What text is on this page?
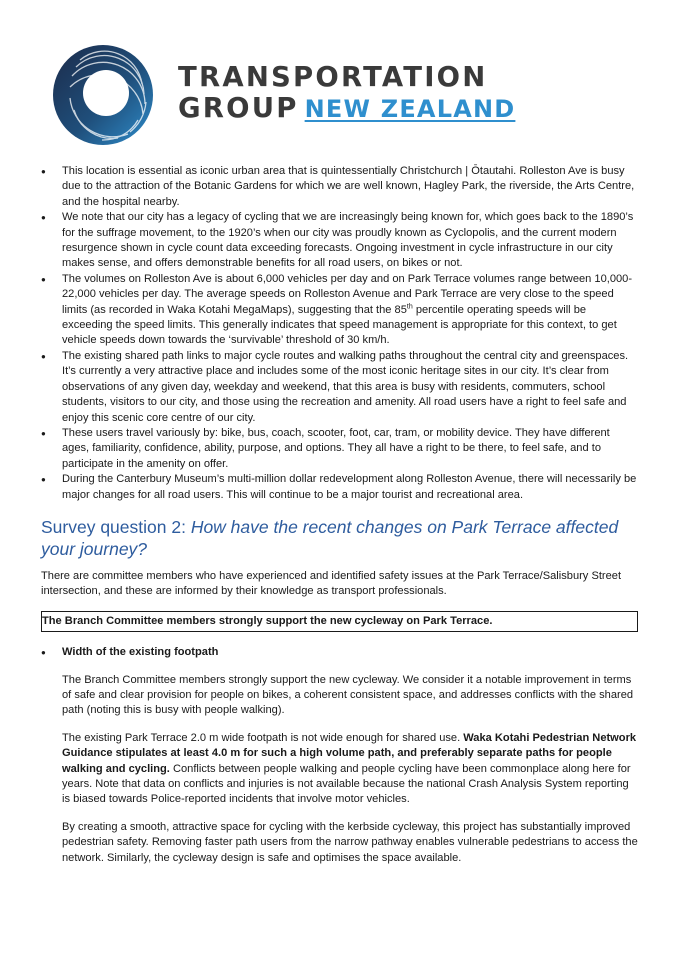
TRANSPORTATION
GROUP NEW ZEALAND
● This location is essential as iconic urban area that is quintessentially Christchurch | Ōtautahi. Rolleston Ave is busy due to the attraction of the Botanic Gardens for which we are well known, Hagley Park, the riverside, the Arts Centre, and the hospital nearby.
● We note that our city has a legacy of cycling that we are increasingly being known for, which goes back to the 1890’s for the suffrage movement, to the 1920’s when our city was proudly known as Cyclopolis, and the current modern resurgence shown in cycle count data exceeding forecasts. Ongoing investment in cycle infrastructure in our city makes sense, and offers demonstrable benefits for all road users, on bikes or not.
● The volumes on Rolleston Ave is about 6,000 vehicles per day and on Park Terrace volumes range between 10,000-22,000 vehicles per day. The average speeds on Rolleston Avenue and Park Terrace are very close to the speed limits (as recorded in Waka Kotahi MegaMaps), suggesting that the 85th percentile operating speeds will be exceeding the speed limits. This generally indicates that speed management is appropriate for this context, to get vehicle speeds down towards the ‘survivable’ threshold of 30 km/h.
● The existing shared path links to major cycle routes and walking paths throughout the central city and greenspaces. It’s currently a very attractive place and includes some of the most iconic heritage sites in our city. It’s clear from observations of any given day, weekday and weekend, that this area is busy with residents, commuters, school students, visitors to our city, and those using the recreation and amenity. All road users have a right to feel safe and enjoy this scenic core centre of our city.
● These users travel variously by: bike, bus, coach, scooter, foot, car, tram, or mobility device. They have different ages, familiarity, confidence, ability, purpose, and options. They all have a right to be there, to feel safe, and to participate in the amenity on offer.
● During the Canterbury Museum’s multi-million dollar redevelopment along Rolleston Avenue, there will necessarily be major changes for all road users. This will continue to be a major tourist and recreational area.
Survey question 2: How have the recent changes on Park Terrace affected your journey?

There are committee members who have experienced and identified safety issues at the Park Terrace/Salisbury Street intersection, and these are informed by their knowledge as transport professionals.

The Branch Committee members strongly support the new cycleway on Park Terrace.
● Width of the existing footpath

The Branch Committee members strongly support the new cycleway. We consider it a notable improvement in terms of safe and clear provision for people on bikes, a coherent consistent space, and addresses conflicts with the shared path (noting this is busy with people walking).

The existing Park Terrace 2.0 m wide footpath is not wide enough for shared use. Waka Kotahi Pedestrian Network Guidance stipulates at least 4.0 m for such a high volume path, and preferably separate paths for people walking and cycling. Conflicts between people walking and people cycling have been commonplace along here for years. Note that data on conflicts and injuries is not available because the national Crash Analysis System reporting is biased towards Police-reported incidents that involve motor vehicles.

By creating a smooth, attractive space for cycling with the kerbside cycleway, this project has substantially improved pedestrian safety. Removing faster path users from the narrow pathway enables vulnerable pedestrians to access the network. Similarly, the cycleway design is safe and optimises the space available.
